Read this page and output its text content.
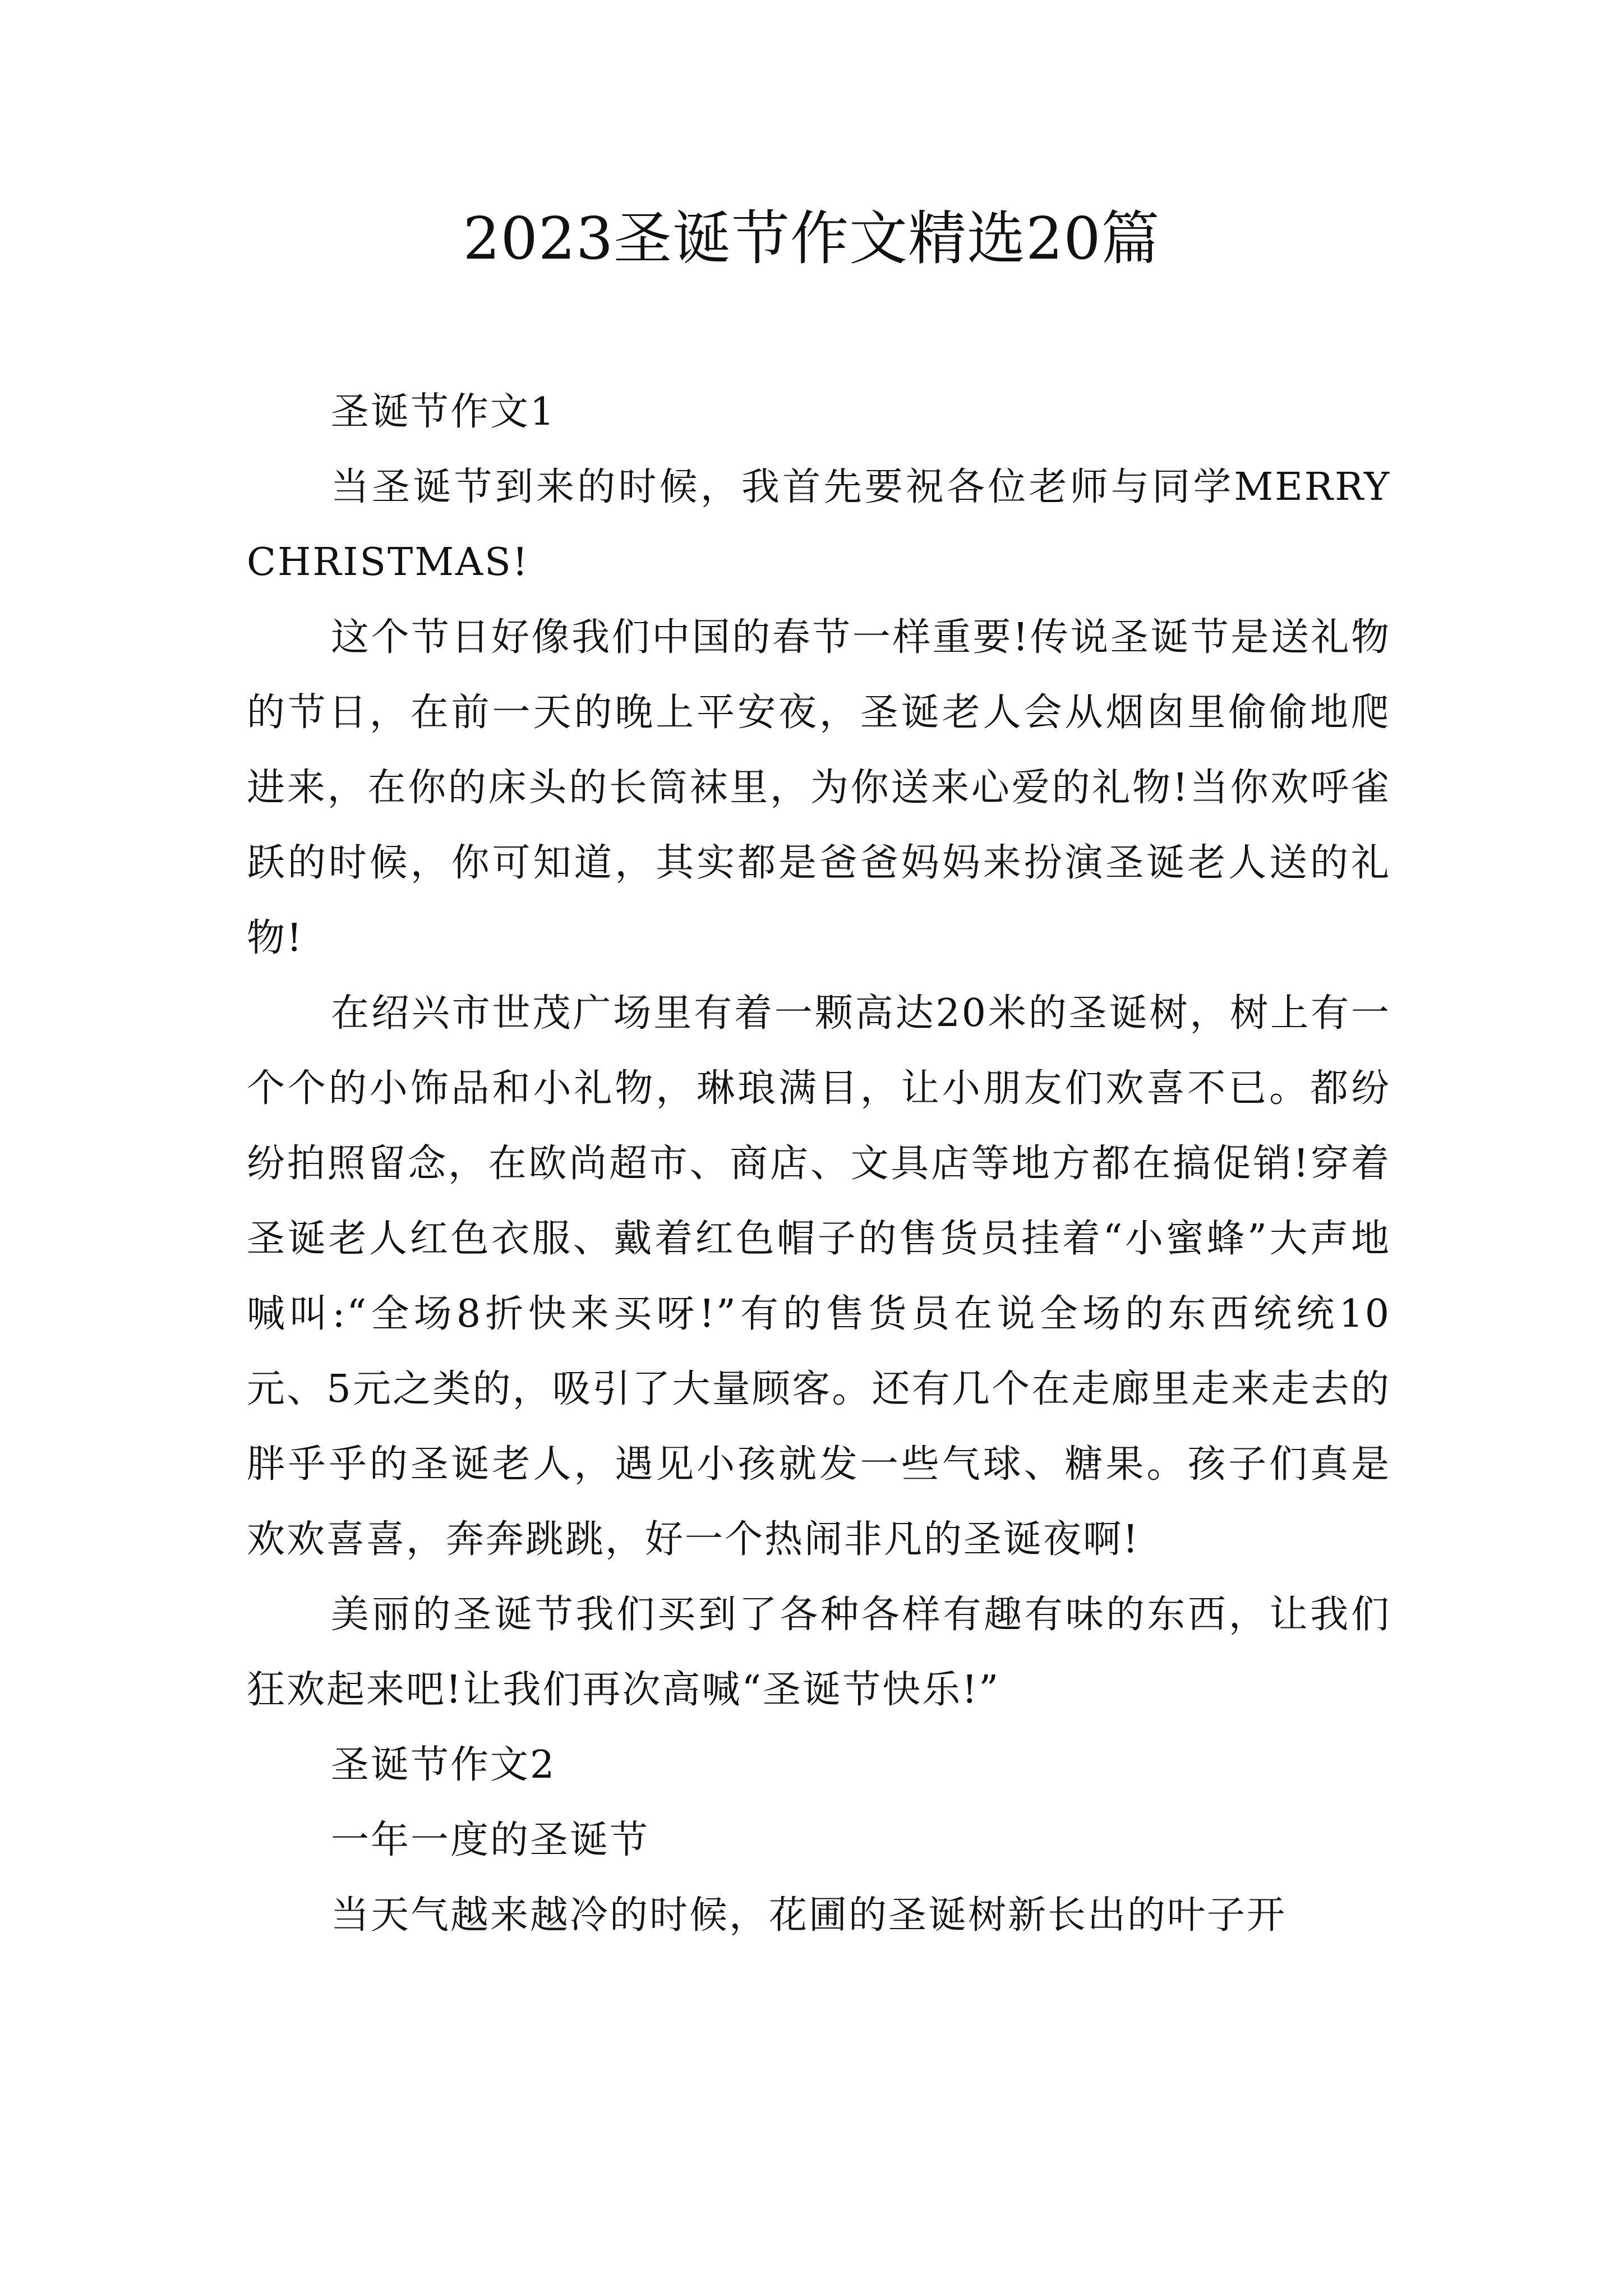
2023圣诞节作文精选20篇

圣诞节作文1

当圣诞节到来的时候，我首先要祝各位老师与同学MERRY CHRISTMAS!

这个节日好像我们中国的春节一样重要!传说圣诞节是送礼物的节日，在前一天的晚上平安夜，圣诞老人会从烟囱里偷偷地爬进来，在你的床头的长筒袜里，为你送来心爱的礼物!当你欢呼雀跃的时候，你可知道，其实都是爸爸妈妈来扮演圣诞老人送的礼物!

在绍兴市世茂广场里有着一颗高达20米的圣诞树，树上有一个个的小饰品和小礼物，琳琅满目，让小朋友们欢喜不已。都纷纷拍照留念，在欧尚超市、商店、文具店等地方都在搞促销!穿着圣诞老人红色衣服、戴着红色帽子的售货员挂着“小蜜蜂”大声地喊叫:“全场8折快来买呀!”有的售货员在说全场的东西统统10元、5元之类的，吸引了大量顾客。还有几个在走廊里走来走去的胖乎乎的圣诞老人，遇见小孩就发一些气球、糖果。孩子们真是欢欢喜喜，奔奔跳跳，好一个热闹非凡的圣诞夜啊!

美丽的圣诞节我们买到了各种各样有趣有味的东西，让我们狂欢起来吧!让我们再次高喊“圣诞节快乐!”

圣诞节作文2

一年一度的圣诞节

当天气越来越冷的时候，花圃的圣诞树新长出的叶子开
